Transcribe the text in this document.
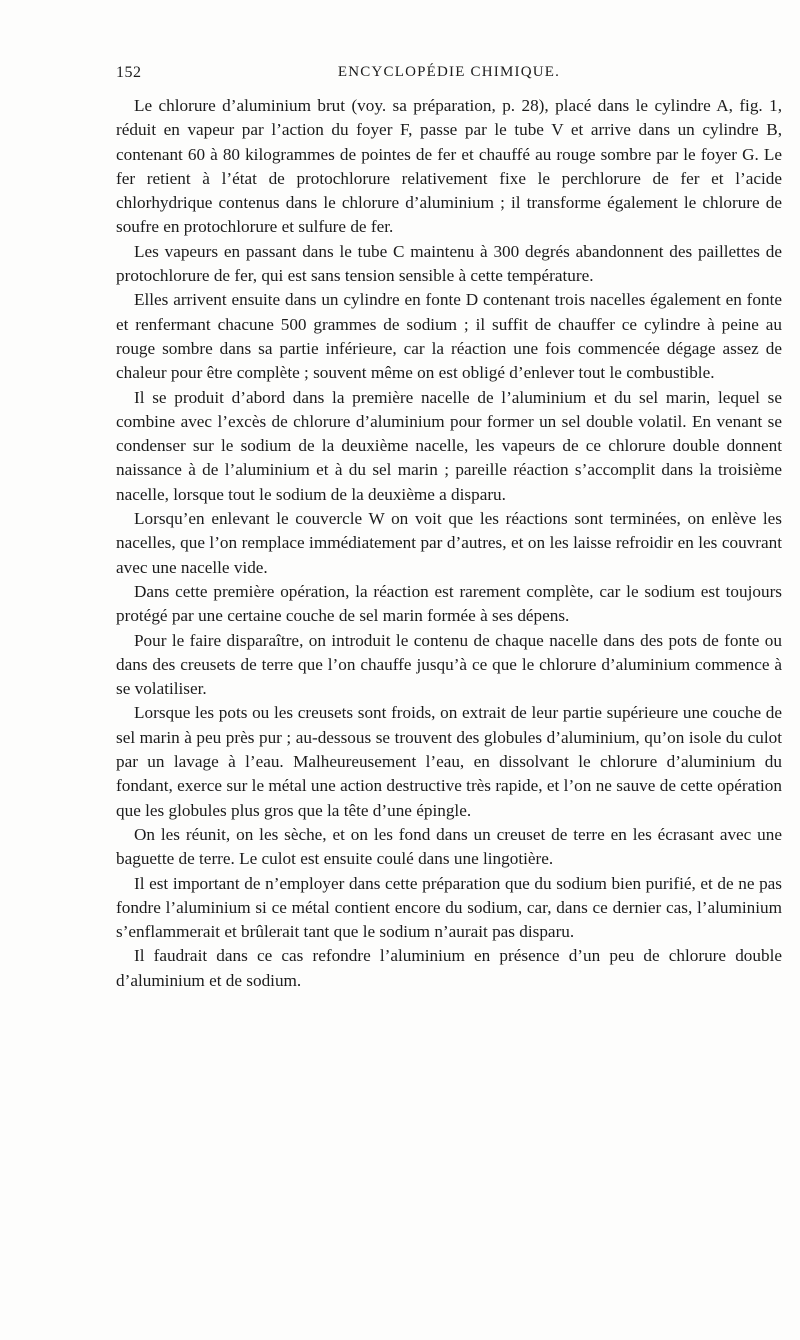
152	ENCYCLOPÉDIE CHIMIQUE.

Le chlorure d’aluminium brut (voy. sa préparation, p. 28), placé dans le cylindre A, fig. 1, réduit en vapeur par l’action du foyer F, passe par le tube V et arrive dans un cylindre B, contenant 60 à 80 kilogrammes de pointes de fer et chauffé au rouge sombre par le foyer G. Le fer retient à l’état de protochlorure relativement fixe le perchlorure de fer et l’acide chlorhydrique contenus dans le chlorure d’aluminium ; il transforme également le chlorure de soufre en protochlorure et sulfure de fer.

Les vapeurs en passant dans le tube C maintenu à 300 degrés abandonnent des paillettes de protochlorure de fer, qui est sans tension sensible à cette température.

Elles arrivent ensuite dans un cylindre en fonte D contenant trois nacelles également en fonte et renfermant chacune 500 grammes de sodium ; il suffit de chauffer ce cylindre à peine au rouge sombre dans sa partie inférieure, car la réaction une fois commencée dégage assez de chaleur pour être complète ; souvent même on est obligé d’enlever tout le combustible.

Il se produit d’abord dans la première nacelle de l’aluminium et du sel marin, lequel se combine avec l’excès de chlorure d’aluminium pour former un sel double volatil. En venant se condenser sur le sodium de la deuxième nacelle, les vapeurs de ce chlorure double donnent naissance à de l’aluminium et à du sel marin ; pareille réaction s’accomplit dans la troisième nacelle, lorsque tout le sodium de la deuxième a disparu.

Lorsqu’en enlevant le couvercle W on voit que les réactions sont terminées, on enlève les nacelles, que l’on remplace immédiatement par d’autres, et on les laisse refroidir en les couvrant avec une nacelle vide.

Dans cette première opération, la réaction est rarement complète, car le sodium est toujours protégé par une certaine couche de sel marin formée à ses dépens.

Pour le faire disparaître, on introduit le contenu de chaque nacelle dans des pots de fonte ou dans des creusets de terre que l’on chauffe jusqu’à ce que le chlorure d’aluminium commence à se volatiliser.

Lorsque les pots ou les creusets sont froids, on extrait de leur partie supérieure une couche de sel marin à peu près pur ; au-dessous se trouvent des globules d’aluminium, qu’on isole du culot par un lavage à l’eau. Malheureusement l’eau, en dissolvant le chlorure d’aluminium du fondant, exerce sur le métal une action destructive très rapide, et l’on ne sauve de cette opération que les globules plus gros que la tête d’une épingle.

On les réunit, on les sèche, et on les fond dans un creuset de terre en les écrasant avec une baguette de terre. Le culot est ensuite coulé dans une lingotière.

Il est important de n’employer dans cette préparation que du sodium bien purifié, et de ne pas fondre l’aluminium si ce métal contient encore du sodium, car, dans ce dernier cas, l’aluminium s’enflammerait et brûlerait tant que le sodium n’aurait pas disparu.

Il faudrait dans ce cas refondre l’aluminium en présence d’un peu de chlorure double d’aluminium et de sodium.
